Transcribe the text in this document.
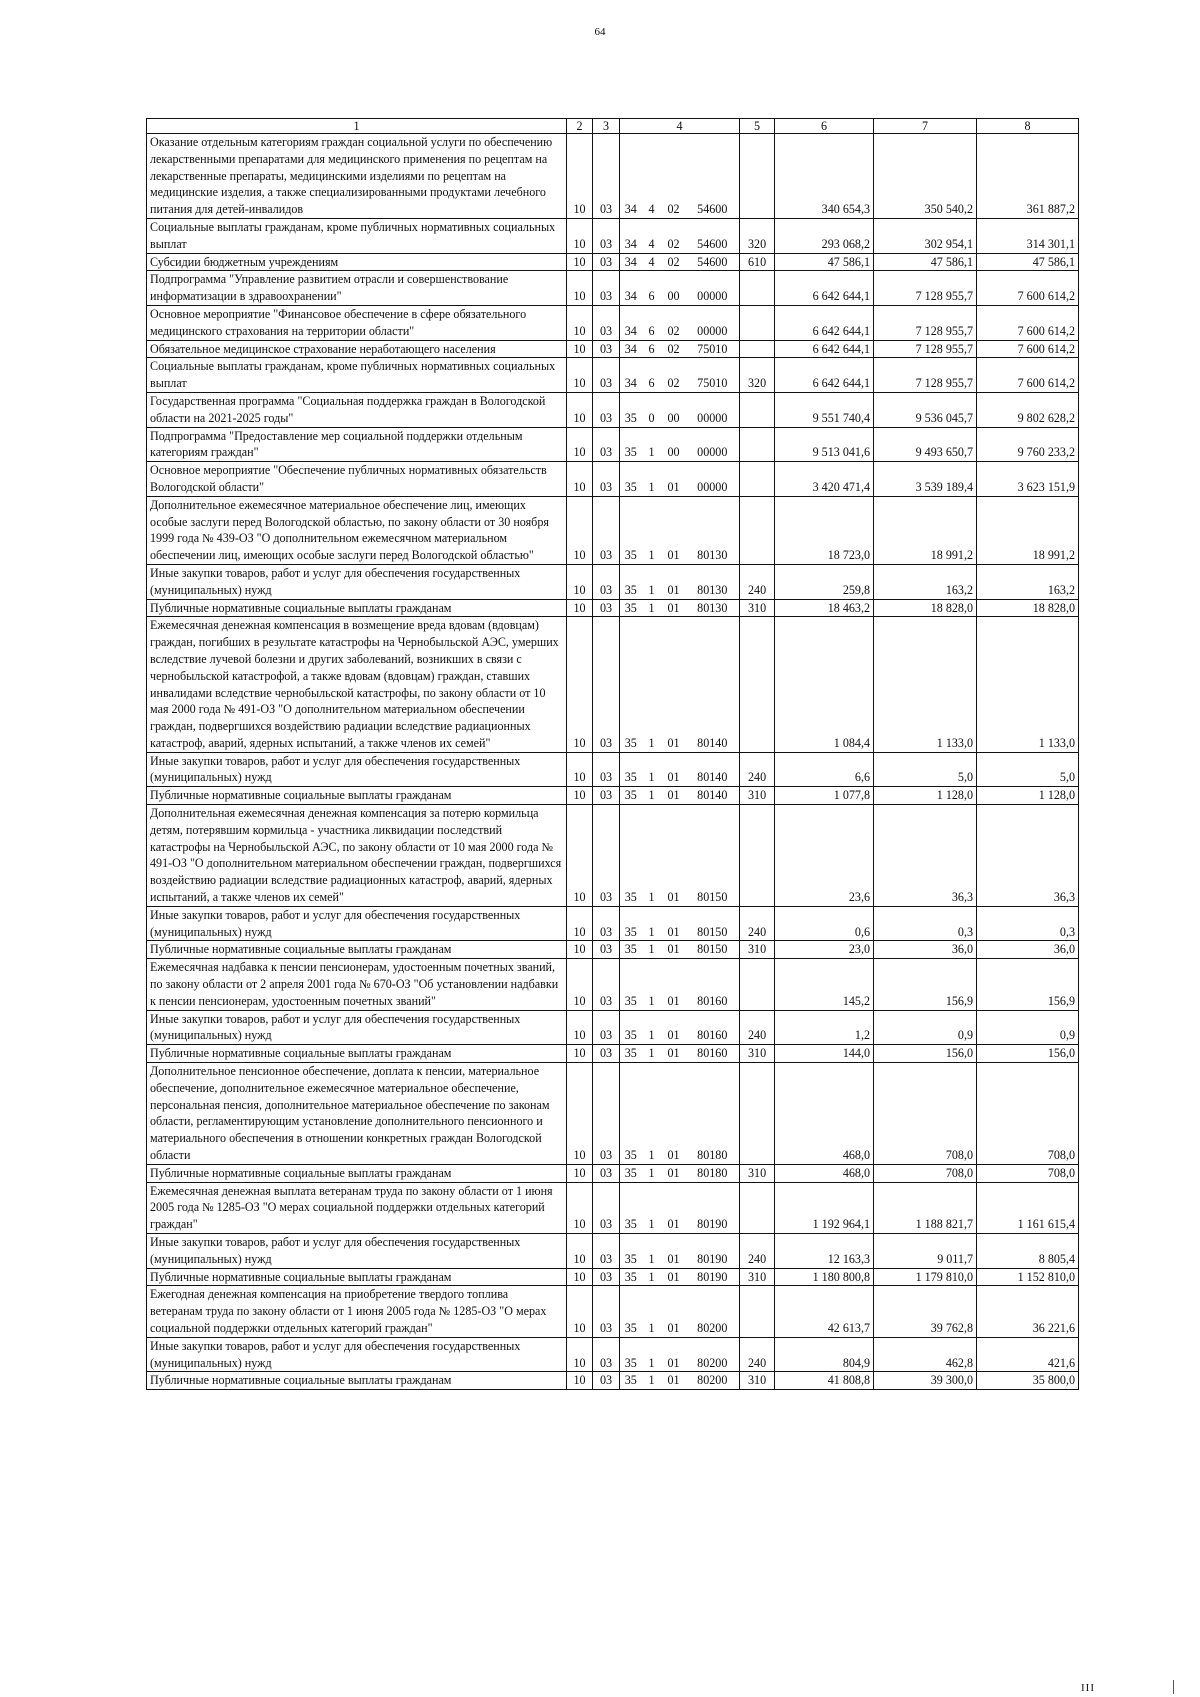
64
1	2	3	4				5	6	7	8
Оказание отдельным категориям граждан социальной услуги по обеспечению лекарственными препаратами для медицинского применения по рецептам на лекарственные препараты, медицинскими изделиями по рецептам на медицинские изделия, а также специализированными продуктами лечебного питания для детей-инвалидов	10	03	34	4	02	54600		340 654,3	350 540,2	361 887,2
Социальные выплаты гражданам, кроме публичных нормативных социальных выплат	10	03	34	4	02	54600	320	293 068,2	302 954,1	314 301,1
Субсидии бюджетным учреждениям	10	03	34	4	02	54600	610	47 586,1	47 586,1	47 586,1
Подпрограмма "Управление развитием отрасли и совершенствование информатизации в здравоохранении"	10	03	34	6	00	00000		6 642 644,1	7 128 955,7	7 600 614,2
Основное мероприятие "Финансовое обеспечение в сфере обязательного медицинского страхования на территории области"	10	03	34	6	02	00000		6 642 644,1	7 128 955,7	7 600 614,2
Обязательное медицинское страхование неработающего населения	10	03	34	6	02	75010		6 642 644,1	7 128 955,7	7 600 614,2
Социальные выплаты гражданам, кроме публичных нормативных социальных выплат	10	03	34	6	02	75010	320	6 642 644,1	7 128 955,7	7 600 614,2
Государственная программа "Социальная поддержка граждан в Вологодской области на 2021-2025 годы"	10	03	35	0	00	00000		9 551 740,4	9 536 045,7	9 802 628,2
Подпрограмма "Предоставление мер социальной поддержки отдельным категориям граждан"	10	03	35	1	00	00000		9 513 041,6	9 493 650,7	9 760 233,2
Основное мероприятие "Обеспечение публичных нормативных обязательств Вологодской области"	10	03	35	1	01	00000		3 420 471,4	3 539 189,4	3 623 151,9
Дополнительное ежемесячное материальное обеспечение лиц, имеющих особые заслуги перед Вологодской областью, по закону области от 30 ноября 1999 года № 439-ОЗ "О дополнительном ежемесячном материальном обеспечении лиц, имеющих особые заслуги перед Вологодской областью"	10	03	35	1	01	80130		18 723,0	18 991,2	18 991,2
Иные закупки товаров, работ и услуг для обеспечения государственных (муниципальных) нужд	10	03	35	1	01	80130	240	259,8	163,2	163,2
Публичные нормативные социальные выплаты гражданам	10	03	35	1	01	80130	310	18 463,2	18 828,0	18 828,0
Ежемесячная денежная компенсация в возмещение вреда вдовам (вдовцам) граждан, погибших в результате катастрофы на Чернобыльской АЭС, умерших вследствие лучевой болезни и других заболеваний, возникших в связи с чернобыльской катастрофой, а также вдовам (вдовцам) граждан, ставших инвалидами вследствие чернобыльской катастрофы, по закону области от 10 мая 2000 года № 491-ОЗ "О дополнительном материальном обеспечении граждан, подвергшихся воздействию радиации вследствие радиационных катастроф, аварий, ядерных испытаний, а также членов их семей"	10	03	35	1	01	80140		1 084,4	1 133,0	1 133,0
Иные закупки товаров, работ и услуг для обеспечения государственных (муниципальных) нужд	10	03	35	1	01	80140	240	6,6	5,0	5,0
Публичные нормативные социальные выплаты гражданам	10	03	35	1	01	80140	310	1 077,8	1 128,0	1 128,0
Дополнительная ежемесячная денежная компенсация за потерю кормильца детям, потерявшим кормильца - участника ликвидации последствий катастрофы на Чернобыльской АЭС, по закону области от 10 мая 2000 года № 491-ОЗ "О дополнительном материальном обеспечении граждан, подвергшихся воздействию радиации вследствие радиационных катастроф, аварий, ядерных испытаний, а также членов их семей"	10	03	35	1	01	80150		23,6	36,3	36,3
Иные закупки товаров, работ и услуг для обеспечения государственных (муниципальных) нужд	10	03	35	1	01	80150	240	0,6	0,3	0,3
Публичные нормативные социальные выплаты гражданам	10	03	35	1	01	80150	310	23,0	36,0	36,0
Ежемесячная надбавка к пенсии пенсионерам, удостоенным почетных званий, по закону области от 2 апреля 2001 года № 670-ОЗ "Об установлении надбавки к пенсии пенсионерам, удостоенным почетных званий"	10	03	35	1	01	80160		145,2	156,9	156,9
Иные закупки товаров, работ и услуг для обеспечения государственных (муниципальных) нужд	10	03	35	1	01	80160	240	1,2	0,9	0,9
Публичные нормативные социальные выплаты гражданам	10	03	35	1	01	80160	310	144,0	156,0	156,0
Дополнительное пенсионное обеспечение, доплата к пенсии, материальное обеспечение, дополнительное ежемесячное материальное обеспечение, персональная пенсия, дополнительное материальное обеспечение по законам области, регламентирующим установление дополнительного пенсионного и материального обеспечения в отношении конкретных граждан Вологодской области	10	03	35	1	01	80180		468,0	708,0	708,0
Публичные нормативные социальные выплаты гражданам	10	03	35	1	01	80180	310	468,0	708,0	708,0
Ежемесячная денежная выплата ветеранам труда по закону области от 1 июня 2005 года № 1285-ОЗ "О мерах социальной поддержки отдельных категорий граждан"	10	03	35	1	01	80190		1 192 964,1	1 188 821,7	1 161 615,4
Иные закупки товаров, работ и услуг для обеспечения государственных (муниципальных) нужд	10	03	35	1	01	80190	240	12 163,3	9 011,7	8 805,4
Публичные нормативные социальные выплаты гражданам	10	03	35	1	01	80190	310	1 180 800,8	1 179 810,0	1 152 810,0
Ежегодная денежная компенсация на приобретение твердого топлива ветеранам труда по закону области от 1 июня 2005 года № 1285-ОЗ "О мерах социальной поддержки отдельных категорий граждан"	10	03	35	1	01	80200		42 613,7	39 762,8	36 221,6
Иные закупки товаров, работ и услуг для обеспечения государственных (муниципальных) нужд	10	03	35	1	01	80200	240	804,9	462,8	421,6
Публичные нормативные социальные выплаты гражданам	10	03	35	1	01	80200	310	41 808,8	39 300,0	35 800,0
III
